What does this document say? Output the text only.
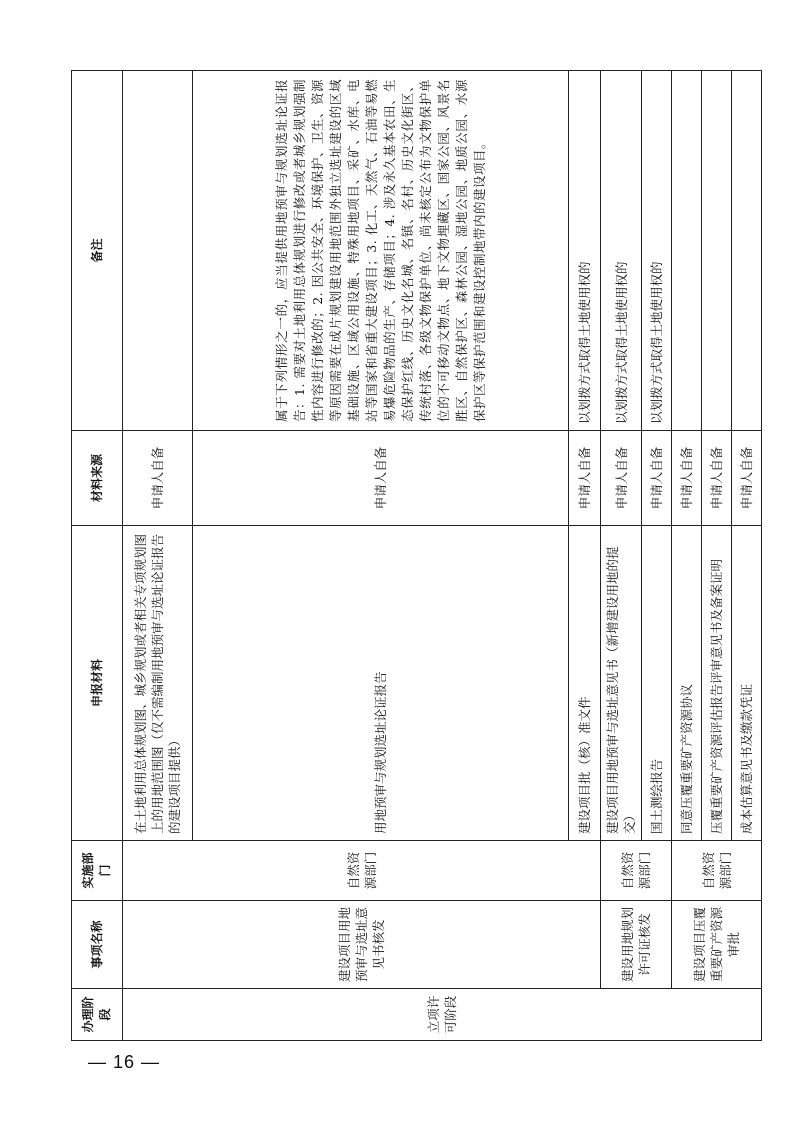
办理阶段	事项名称	实施部门	申报材料	材料来源	备注
立项许可阶段	建设项目用地预审与选址意见书核发	自然资源部门	在土地利用总体规划图、城乡规划或者相关专项规划图上的用地范围图（仅不需编制用地预审与选址论证报告的建设项目提供）	申请人自备	
			用地预审与规划选址论证报告	申请人自备	属于下列情形之一的，应当提供用地预审与规划选址论证报告：1. 需要对土地利用总体规划进行修改或者城乡规划强制性内容进行修改的；2. 因公共安全、环境保护、卫生、资源等原因需要在成片规划建设用地范围外独立选址建设的区域基础设施、区域公用设施、特殊用地项目、采矿、水库、电站等国家和省重大建设项目；3. 化工、天然气、石油等易燃易爆危险物品的生产、存储项目；4. 涉及永久基本农田、生态保护红线、历史文化名城、名镇、名村、历史文化街区、传统村落、各级文物保护单位、尚未核定公布为文物保护单位的不可移动文物点、地下文物埋藏区、国家公园、风景名胜区、自然保护区、森林公园、湿地公园、地质公园、水源保护区等保护范围和建设控制地带内的建设项目。
			建设项目批（核）准文件	申请人自备	以划拨方式取得土地使用权的
	建设用地规划许可证核发	自然资源部门	建设项目用地预审与选址意见书（新增建设用地的提交）	申请人自备	以划拨方式取得土地使用权的
			国土测绘报告	申请人自备	以划拨方式取得土地使用权的
	建设项目压覆重要矿产资源审批	自然资源部门	同意压覆重要矿产资源协议	申请人自备	
			压覆重要矿产资源评估报告评审意见书及备案证明	申请人自备	
			成本估算意见书及缴款凭证	申请人自备	
— 16 —
